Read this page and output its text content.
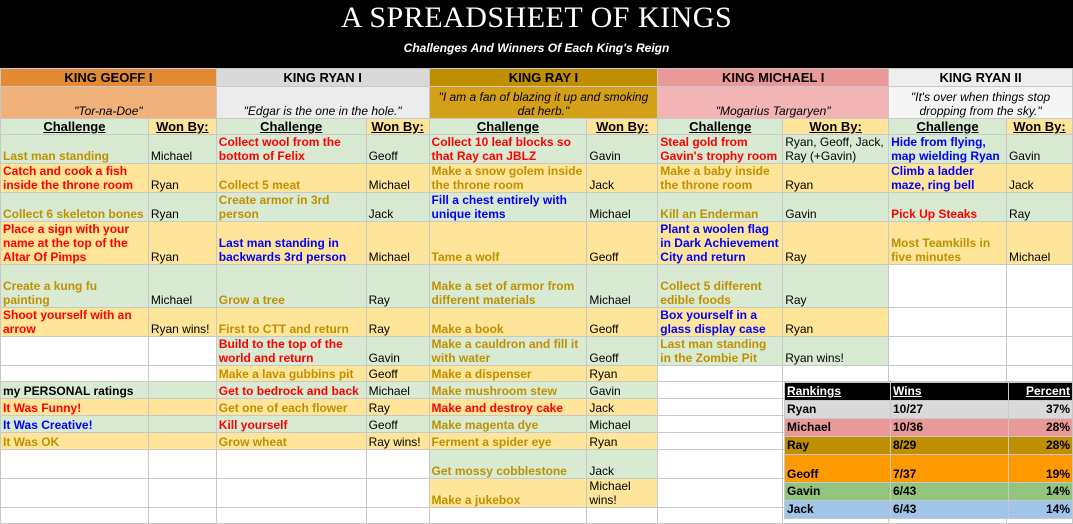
A SPREADSHEET OF KINGS
Challenges And Winners Of Each King's Reign
KING GEOFF I		KING RYAN I		KING RAY I		KING MICHAEL I		KING RYAN II	
"Tor-na-Doe"		"Edgar is the one in the hole."		"I am a fan of blazing it up and smoking dat herb."		"Mogarius Targaryen"		"It's over when things stop dropping from the sky."	
Challenge	Won By:	Challenge	Won By:	Challenge	Won By:	Challenge	Won By:	Challenge	Won By:
Last man standing	Michael	Collect wool from the bottom of Felix	Geoff	Collect 10 leaf blocks so that Ray can JBLZ	Gavin	Steal gold from Gavin's trophy room	Ryan, Geoff, Jack, Ray (+Gavin)	Hide from flying, map wielding Ryan	Gavin
Catch and cook a fish inside the throne room	Ryan	Collect 5 meat	Michael	Make a snow golem inside the throne room	Jack	Make a baby inside the throne room	Ryan	Climb a ladder maze, ring bell	Jack
Collect 6 skeleton bones	Ryan	Create armor in 3rd person	Jack	Fill a chest entirely with unique items	Michael	Kill an Enderman	Gavin	Pick Up Steaks	Ray
Place a sign with your name at the top of the Altar Of Pimps	Ryan	Last man standing in backwards 3rd person	Michael	Tame a wolf	Geoff	Plant a woolen flag in Dark Achievement City and return	Ray	Most Teamkills in five minutes	Michael
Create a kung fu painting	Michael	Grow a tree	Ray	Make a set of armor from different materials	Michael	Collect 5 different edible foods	Ray		
Shoot yourself with an arrow	Ryan wins!	First to CTT and return	Ray	Make a book	Geoff	Box yourself in a glass display case	Ryan		
		Build to the top of the world and return	Gavin	Make a cauldron and fill it with water	Geoff	Last man standing in the Zombie Pit	Ryan wins!		
		Make a lava gubbins pit	Geoff	Make a dispenser	Ryan				
my PERSONAL ratings		Get to bedrock and back	Michael	Make mushroom stew	Gavin				
It Was Funny!		Get one of each flower	Ray	Make and destroy cake	Jack				
It Was Creative!		Kill yourself	Geoff	Make magenta dye	Michael				
It Was OK		Grow wheat	Ray wins!	Ferment a spider eye	Ryan				
				Get mossy cobblestone	Jack				
				Make a jukebox	Michael wins!				

Rankings	Wins	Percent
Ryan	10/27	37%
Michael	10/36	28%
Ray	8/29	28%
Geoff	7/37	19%
Gavin	6/43	14%
Jack	6/43	14%
